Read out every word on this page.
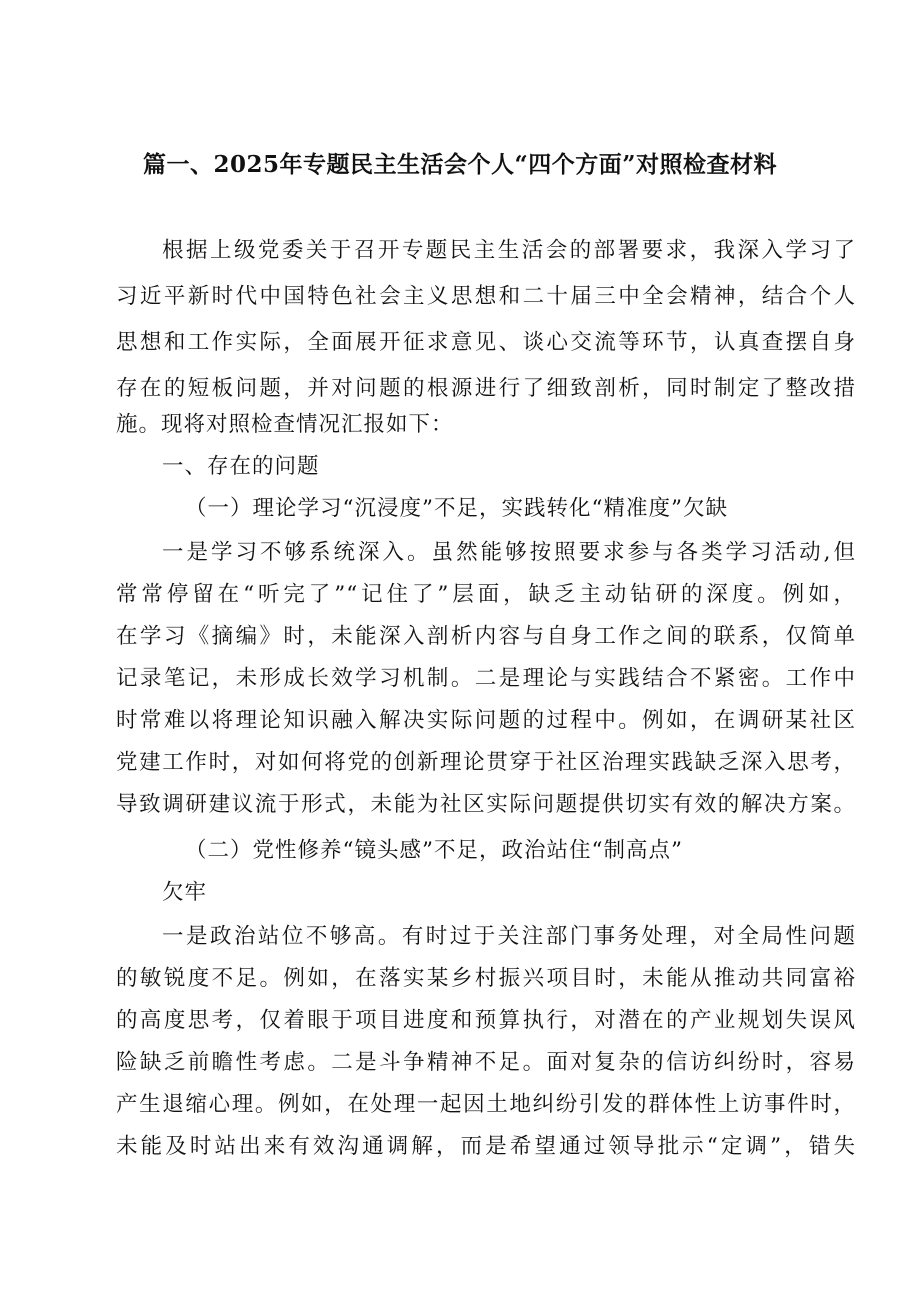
篇一、2025年专题民主生活会个人“四个方面”对照检查材料
根据上级党委关于召开专题民主生活会的部署要求，我深入学习了
习近平新时代中国特色社会主义思想和二十届三中全会精神，结合个人
思想和工作实际，全面展开征求意见、谈心交流等环节，认真查摆自身
存在的短板问题，并对问题的根源进行了细致剖析，同时制定了整改措
施。现将对照检查情况汇报如下：
一、存在的问题
（一）理论学习“沉浸度”不足，实践转化“精准度”欠缺
一是学习不够系统深入。虽然能够按照要求参与各类学习活动,但
常常停留在“听完了”“记住了”层面，缺乏主动钻研的深度。例如，
在学习《摘编》时，未能深入剖析内容与自身工作之间的联系，仅简单
记录笔记，未形成长效学习机制。二是理论与实践结合不紧密。工作中
时常难以将理论知识融入解决实际问题的过程中。例如，在调研某社区
党建工作时，对如何将党的创新理论贯穿于社区治理实践缺乏深入思考，
导致调研建议流于形式，未能为社区实际问题提供切实有效的解决方案。
（二）党性修养“镜头感”不足，政治站住“制高点”
欠牢
一是政治站位不够高。有时过于关注部门事务处理，对全局性问题
的敏锐度不足。例如，在落实某乡村振兴项目时，未能从推动共同富裕
的高度思考，仅着眼于项目进度和预算执行，对潜在的产业规划失误风
险缺乏前瞻性考虑。二是斗争精神不足。面对复杂的信访纠纷时，容易
产生退缩心理。例如，在处理一起因土地纠纷引发的群体性上访事件时，
未能及时站出来有效沟通调解，而是希望通过领导批示“定调”，错失
